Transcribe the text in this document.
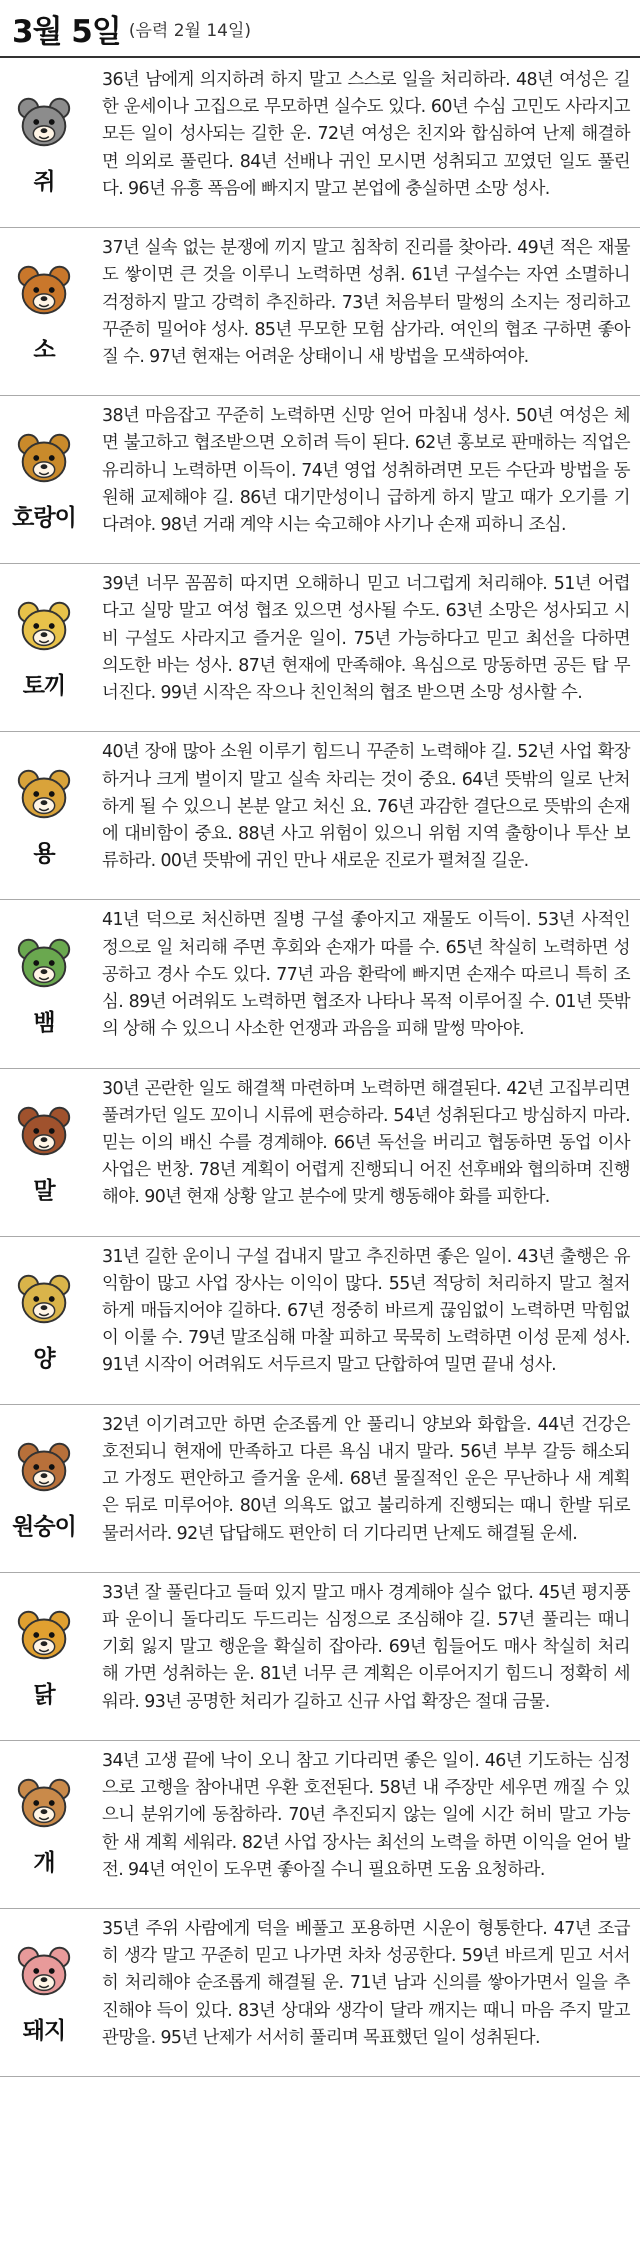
3월 5일 (음력 2월 14일)
쥐
36년 남에게 의지하려 하지 말고 스스로 일을 처리하라. 48년 여성은 길한 운세이나 고집으로 무모하면 실수도 있다. 60년 수심 고민도 사라지고 모든 일이 성사되는 길한 운. 72년 여성은 친지와 합심하여 난제 해결하면 의외로 풀린다. 84년 선배나 귀인 모시면 성취되고 꼬였던 일도 풀린다. 96년 유흥 폭음에 빠지지 말고 본업에 충실하면 소망 성사.
소
37년 실속 없는 분쟁에 끼지 말고 침착히 진리를 찾아라. 49년 적은 재물도 쌓이면 큰 것을 이루니 노력하면 성취. 61년 구설수는 자연 소멸하니 걱정하지 말고 강력히 추진하라. 73년 처음부터 말썽의 소지는 정리하고 꾸준히 밀어야 성사. 85년 무모한 모험 삼가라. 여인의 협조 구하면 좋아질 수. 97년 현재는 어려운 상태이니 새 방법을 모색하여야.
호랑이
38년 마음잡고 꾸준히 노력하면 신망 얻어 마침내 성사. 50년 여성은 체면 불고하고 협조받으면 오히려 득이 된다. 62년 홍보로 판매하는 직업은 유리하니 노력하면 이득이. 74년 영업 성취하려면 모든 수단과 방법을 동원해 교제해야 길. 86년 대기만성이니 급하게 하지 말고 때가 오기를 기다려야. 98년 거래 계약 시는 숙고해야 사기나 손재 피하니 조심.
토끼
39년 너무 꼼꼼히 따지면 오해하니 믿고 너그럽게 처리해야. 51년 어렵다고 실망 말고 여성 협조 있으면 성사될 수도. 63년 소망은 성사되고 시비 구설도 사라지고 즐거운 일이. 75년 가능하다고 믿고 최선을 다하면 의도한 바는 성사. 87년 현재에 만족해야. 욕심으로 망동하면 공든 탑 무너진다. 99년 시작은 작으나 친인척의 협조 받으면 소망 성사할 수.
용
40년 장애 많아 소원 이루기 힘드니 꾸준히 노력해야 길. 52년 사업 확장하거나 크게 벌이지 말고 실속 차리는 것이 중요. 64년 뜻밖의 일로 난처하게 될 수 있으니 본분 알고 처신 요. 76년 과감한 결단으로 뜻밖의 손재에 대비함이 중요. 88년 사고 위험이 있으니 위험 지역 출항이나 투산 보류하라. 00년 뜻밖에 귀인 만나 새로운 진로가 펼쳐질 길운.
뱀
41년 덕으로 처신하면 질병 구설 좋아지고 재물도 이득이. 53년 사적인 정으로 일 처리해 주면 후회와 손재가 따를 수. 65년 착실히 노력하면 성공하고 경사 수도 있다. 77년 과음 환락에 빠지면 손재수 따르니 특히 조심. 89년 어려워도 노력하면 협조자 나타나 목적 이루어질 수. 01년 뜻밖의 상해 수 있으니 사소한 언쟁과 과음을 피해 말썽 막아야.
말
30년 곤란한 일도 해결책 마련하며 노력하면 해결된다. 42년 고집부리면 풀려가던 일도 꼬이니 시류에 편승하라. 54년 성취된다고 방심하지 마라. 믿는 이의 배신 수를 경계해야. 66년 독선을 버리고 협동하면 동업 이사 사업은 번창. 78년 계획이 어렵게 진행되니 어진 선후배와 협의하며 진행해야. 90년 현재 상황 알고 분수에 맞게 행동해야 화를 피한다.
양
31년 길한 운이니 구설 겁내지 말고 추진하면 좋은 일이. 43년 출행은 유익함이 많고 사업 장사는 이익이 많다. 55년 적당히 처리하지 말고 철저하게 매듭지어야 길하다. 67년 정중히 바르게 끊임없이 노력하면 막힘없이 이룰 수. 79년 말조심해 마찰 피하고 묵묵히 노력하면 이성 문제 성사. 91년 시작이 어려워도 서두르지 말고 단합하여 밀면 끝내 성사.
원숭이
32년 이기려고만 하면 순조롭게 안 풀리니 양보와 화합을. 44년 건강은 호전되니 현재에 만족하고 다른 욕심 내지 말라. 56년 부부 갈등 해소되고 가정도 편안하고 즐거울 운세. 68년 물질적인 운은 무난하나 새 계획은 뒤로 미루어야. 80년 의욕도 없고 불리하게 진행되는 때니 한발 뒤로 물러서라. 92년 답답해도 편안히 더 기다리면 난제도 해결될 운세.
닭
33년 잘 풀린다고 들떠 있지 말고 매사 경계해야 실수 없다. 45년 평지풍파 운이니 돌다리도 두드리는 심정으로 조심해야 길. 57년 풀리는 때니 기회 잃지 말고 행운을 확실히 잡아라. 69년 힘들어도 매사 착실히 처리해 가면 성취하는 운. 81년 너무 큰 계획은 이루어지기 힘드니 정확히 세워라. 93년 공명한 처리가 길하고 신규 사업 확장은 절대 금물.
개
34년 고생 끝에 낙이 오니 참고 기다리면 좋은 일이. 46년 기도하는 심정으로 고행을 참아내면 우환 호전된다. 58년 내 주장만 세우면 깨질 수 있으니 분위기에 동참하라. 70년 추진되지 않는 일에 시간 허비 말고 가능한 새 계획 세워라. 82년 사업 장사는 최선의 노력을 하면 이익을 얻어 발전. 94년 여인이 도우면 좋아질 수니 필요하면 도움 요청하라.
돼지
35년 주위 사람에게 덕을 베풀고 포용하면 시운이 형통한다. 47년 조급히 생각 말고 꾸준히 믿고 나가면 차차 성공한다. 59년 바르게 믿고 서서히 처리해야 순조롭게 해결될 운. 71년 남과 신의를 쌓아가면서 일을 추진해야 득이 있다. 83년 상대와 생각이 달라 깨지는 때니 마음 주지 말고 관망을. 95년 난제가 서서히 풀리며 목표했던 일이 성취된다.
